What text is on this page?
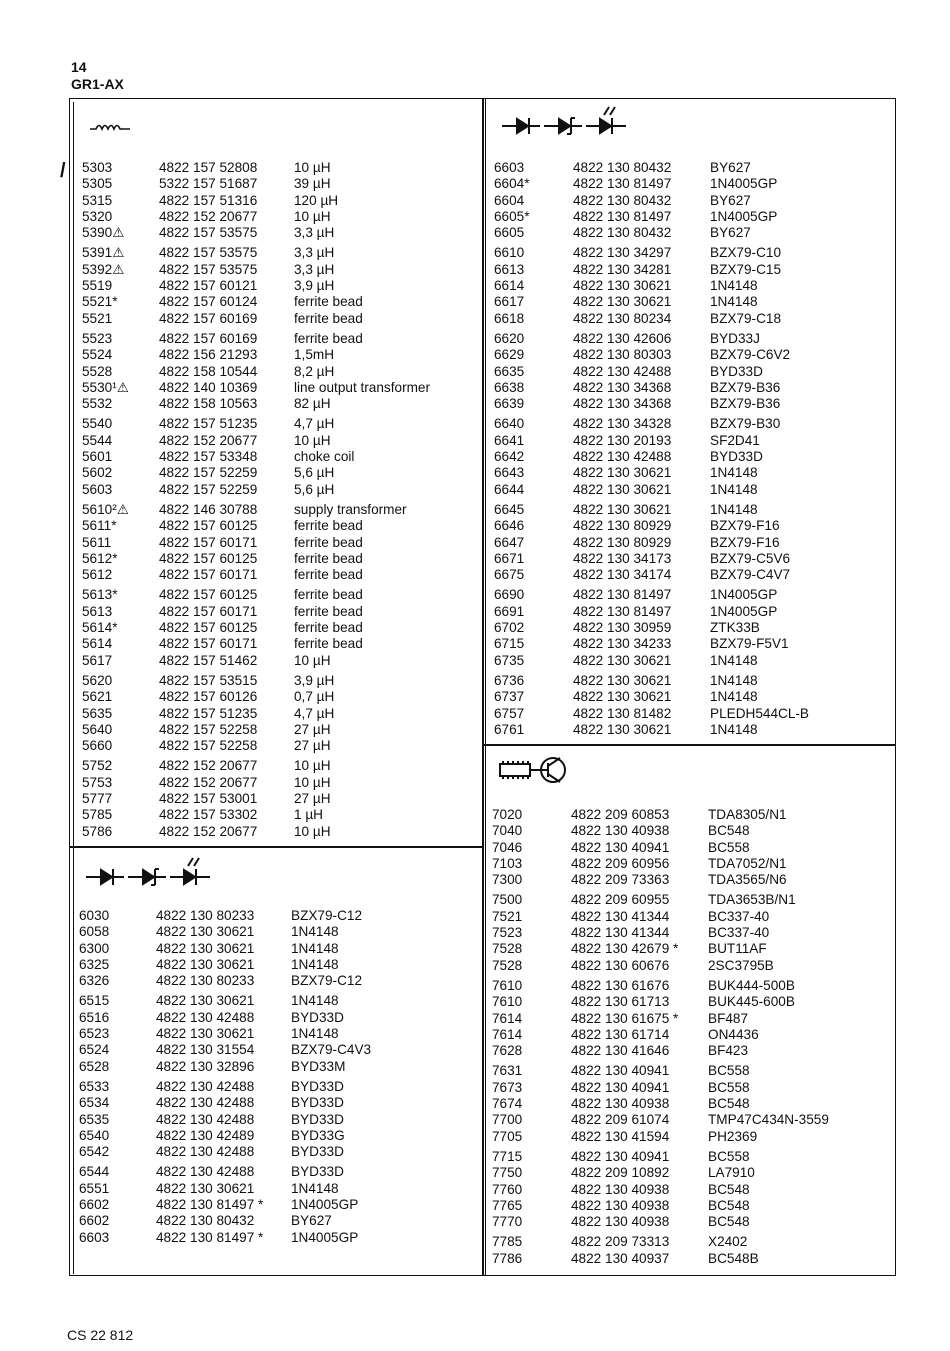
14
GR1-AX
/ 5303	4822 157 52808	10 µH
5305	5322 157 51687	39 µH
5315	4822 157 51316	120 µH
5320	4822 152 20677	10 µH
5390⚠	4822 157 53575	3,3 µH
5391⚠	4822 157 53575	3,3 µH
5392⚠	4822 157 53575	3,3 µH
5519	4822 157 60121	3,9 µH
5521*	4822 157 60124	ferrite bead
5521	4822 157 60169	ferrite bead
5523	4822 157 60169	ferrite bead
5524	4822 156 21293	1,5mH
5528	4822 158 10544	8,2 µH
5530¹⚠ 4822 140 10369	line output transformer
5532	4822 158 10563	82 µH
5540	4822 157 51235	4,7 µH
5544	4822 152 20677	10 µH
5601	4822 157 53348	choke coil
5602	4822 157 52259	5,6 µH
5603	4822 157 52259	5,6 µH
5610²⚠ 4822 146 30788	supply transformer
5611*	4822 157 60125	ferrite bead
5611	4822 157 60171	ferrite bead
5612*	4822 157 60125	ferrite bead
5612	4822 157 60171	ferrite bead
5613*	4822 157 60125	ferrite bead
5613	4822 157 60171	ferrite bead
5614*	4822 157 60125	ferrite bead
5614	4822 157 60171	ferrite bead
5617	4822 157 51462	10 µH
5620	4822 157 53515	3,9 µH
5621	4822 157 60126	0,7 µH
5635	4822 157 51235	4,7 µH
5640	4822 157 52258	27 µH
5660	4822 157 52258	27 µH
5752	4822 152 20677	10 µH
5753	4822 152 20677	10 µH
5777	4822 157 53001	27 µH
5785	4822 157 53302	1 µH
5786	4822 152 20677	10 µH
6030	4822 130 80233	BZX79-C12
6058	4822 130 30621	1N4148
6300	4822 130 30621	1N4148
6325	4822 130 30621	1N4148
6326	4822 130 80233	BZX79-C12
6515	4822 130 30621	1N4148
6516	4822 130 42488	BYD33D
6523	4822 130 30621	1N4148
6524	4822 130 31554	BZX79-C4V3
6528	4822 130 32896	BYD33M
6533	4822 130 42488	BYD33D
6534	4822 130 42488	BYD33D
6535	4822 130 42488	BYD33D
6540	4822 130 42489	BYD33G
6542	4822 130 42488	BYD33D
6544	4822 130 42488	BYD33D
6551	4822 130 30621	1N4148
6602	4822 130 81497 * 1N4005GP
6602	4822 130 80432	BY627
6603	4822 130 81497 * 1N4005GP
6603	4822 130 80432	BY627
6604*	4822 130 81497	1N4005GP
6604	4822 130 80432	BY627
6605*	4822 130 81497	1N4005GP
6605	4822 130 80432	BY627
6610	4822 130 34297	BZX79-C10
6613	4822 130 34281	BZX79-C15
6614	4822 130 30621	1N4148
6617	4822 130 30621	1N4148
6618	4822 130 80234	BZX79-C18
6620	4822 130 42606	BYD33J
6629	4822 130 80303	BZX79-C6V2
6635	4822 130 42488	BYD33D
6638	4822 130 34368	BZX79-B36
6639	4822 130 34368	BZX79-B36
6640	4822 130 34328	BZX79-B30
6641	4822 130 20193	SF2D41
6642	4822 130 42488	BYD33D
6643	4822 130 30621	1N4148
6644	4822 130 30621	1N4148
6645	4822 130 30621	1N4148
6646	4822 130 80929	BZX79-F16
6647	4822 130 80929	BZX79-F16
6671	4822 130 34173	BZX79-C5V6
6675	4822 130 34174	BZX79-C4V7
6690	4822 130 81497	1N4005GP
6691	4822 130 81497	1N4005GP
6702	4822 130 30959	ZTK33B
6715	4822 130 34233	BZX79-F5V1
6735	4822 130 30621	1N4148
6736	4822 130 30621	1N4148
6737	4822 130 30621	1N4148
6757	4822 130 81482	PLEDH544CL-B
6761	4822 130 30621	1N4148
7020	4822 209 60853	TDA8305/N1
7040	4822 130 40938	BC548
7046	4822 130 40941	BC558
7103	4822 209 60956	TDA7052/N1
7300	4822 209 73363	TDA3565/N6
7500	4822 209 60955	TDA3653B/N1
7521	4822 130 41344	BC337-40
7523	4822 130 41344	BC337-40
7528	4822 130 42679 * BUT11AF
7528	4822 130 60676	2SC3795B
7610	4822 130 61676	BUK444-500B
7610	4822 130 61713	BUK445-600B
7614	4822 130 61675 * BF487
7614	4822 130 61714	ON4436
7628	4822 130 41646	BF423
7631	4822 130 40941	BC558
7673	4822 130 40941	BC558
7674	4822 130 40938	BC548
7700	4822 209 61074	TMP47C434N-3559
7705	4822 130 41594	PH2369
7715	4822 130 40941	BC558
7750	4822 209 10892	LA7910
7760	4822 130 40938	BC548
7765	4822 130 40938	BC548
7770	4822 130 40938	BC548
7785	4822 209 73313	X2402
7786	4822 130 40937	BC548B
CS 22 812
